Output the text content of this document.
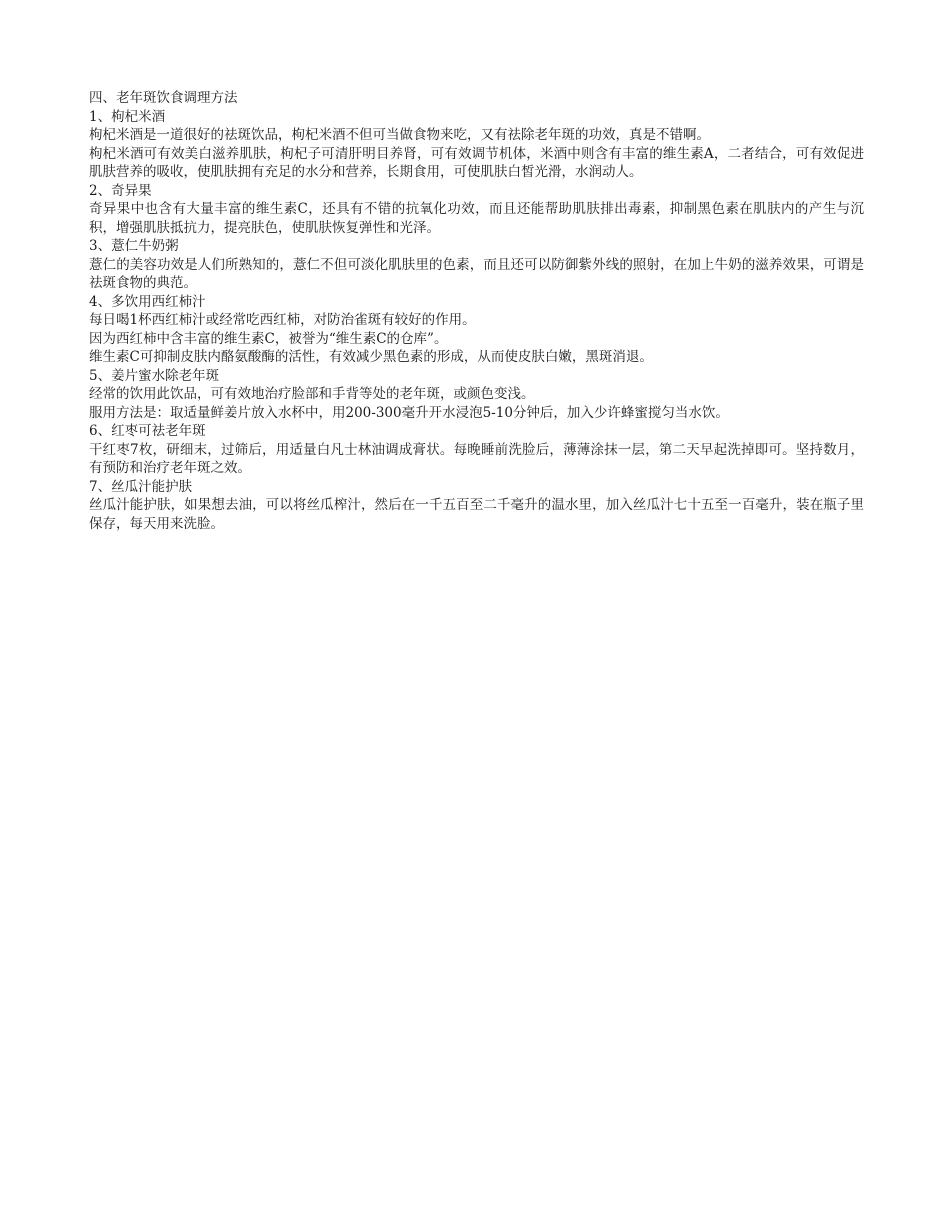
四、老年斑饮食调理方法
1、枸杞米酒

枸杞米酒是一道很好的祛斑饮品，枸杞米酒不但可当做食物来吃，又有祛除老年斑的功效，真是不错啊。

枸杞米酒可有效美白滋养肌肤，枸杞子可清肝明目养肾，可有效调节机体，米酒中则含有丰富的维生素A，二者结合，可有效促进肌肤营养的吸收，使肌肤拥有充足的水分和营养，长期食用，可使肌肤白皙光滑，水润动人。

2、奇异果

奇异果中也含有大量丰富的维生素C，还具有不错的抗氧化功效，而且还能帮助肌肤排出毒素，抑制黑色素在肌肤内的产生与沉积，增强肌肤抵抗力，提亮肤色，使肌肤恢复弹性和光泽。

3、薏仁牛奶粥

薏仁的美容功效是人们所熟知的，薏仁不但可淡化肌肤里的色素，而且还可以防御紫外线的照射，在加上牛奶的滋养效果，可谓是祛斑食物的典范。

4、多饮用西红柿汁

每日喝1杯西红柿汁或经常吃西红柿，对防治雀斑有较好的作用。

因为西红柿中含丰富的维生素C，被誉为“维生素C的仓库”。

维生素C可抑制皮肤内酪氨酸酶的活性，有效减少黑色素的形成，从而使皮肤白嫩，黑斑消退。

5、姜片蜜水除老年斑

经常的饮用此饮品，可有效地治疗脸部和手背等处的老年斑，或颜色变浅。

服用方法是：取适量鲜姜片放入水杯中，用200-300毫升开水浸泡5-10分钟后，加入少许蜂蜜搅匀当水饮。

6、红枣可祛老年斑

干红枣7枚，研细末，过筛后，用适量白凡士林油调成膏状。每晚睡前洗脸后，薄薄涂抹一层，第二天早起洗掉即可。坚持数月，有预防和治疗老年斑之效。

7、丝瓜汁能护肤

丝瓜汁能护肤，如果想去油，可以将丝瓜榨汁，然后在一千五百至二千毫升的温水里，加入丝瓜汁七十五至一百毫升，装在瓶子里保存，每天用来洗脸。
